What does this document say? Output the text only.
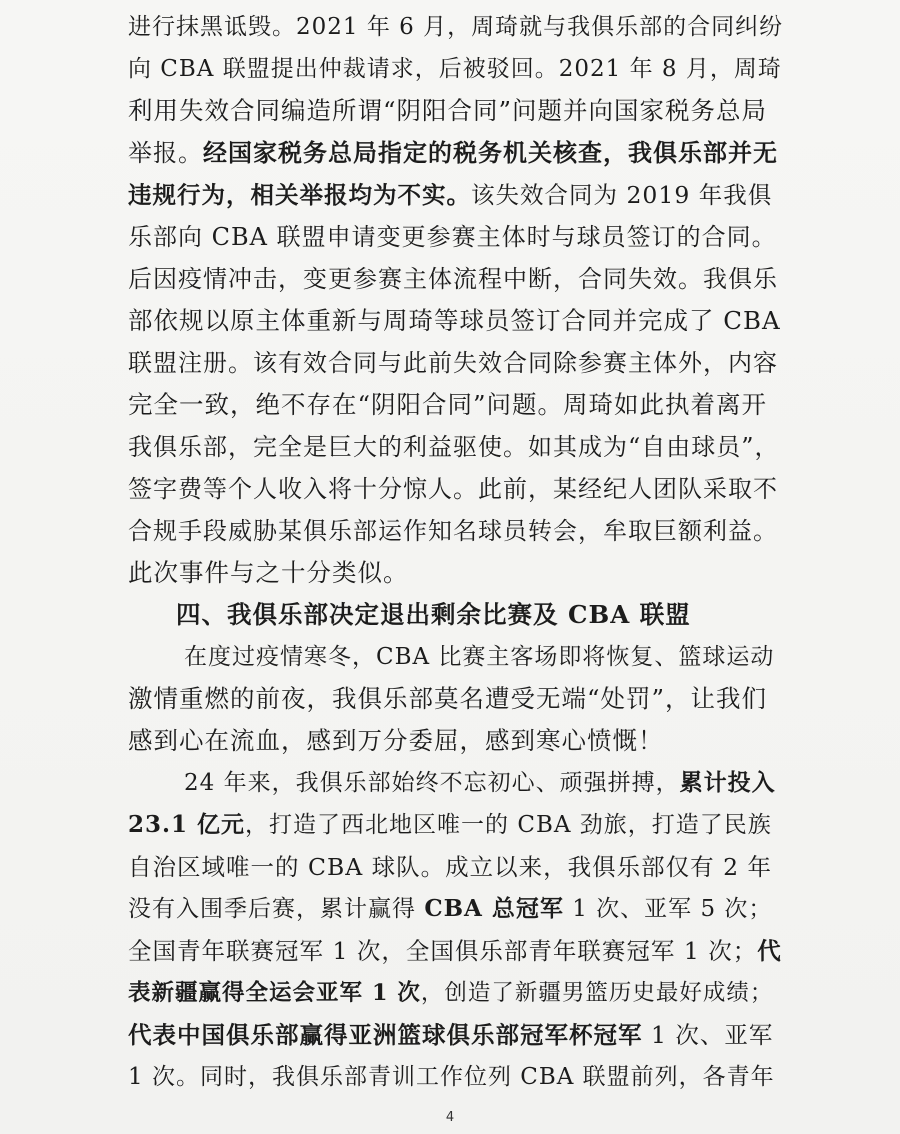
进行抹黑诋毁。2021 年 6 月，周琦就与我俱乐部的合同纠纷
向 CBA 联盟提出仲裁请求，后被驳回。2021 年 8 月，周琦
利用失效合同编造所谓“阴阳合同”问题并向国家税务总局
举报。经国家税务总局指定的税务机关核查，我俱乐部并无
违规行为，相关举报均为不实。该失效合同为 2019 年我俱
乐部向 CBA 联盟申请变更参赛主体时与球员签订的合同。
后因疫情冲击，变更参赛主体流程中断，合同失效。我俱乐
部依规以原主体重新与周琦等球员签订合同并完成了 CBA
联盟注册。该有效合同与此前失效合同除参赛主体外，内容
完全一致，绝不存在“阴阳合同”问题。周琦如此执着离开
我俱乐部，完全是巨大的利益驱使。如其成为“自由球员”，
签字费等个人收入将十分惊人。此前，某经纪人团队采取不
合规手段威胁某俱乐部运作知名球员转会，牟取巨额利益。
此次事件与之十分类似。
四、我俱乐部决定退出剩余比赛及 CBA 联盟
在度过疫情寒冬，CBA 比赛主客场即将恢复、篮球运动
激情重燃的前夜，我俱乐部莫名遭受无端“处罚”，让我们
感到心在流血，感到万分委屈，感到寒心愤慨！
24 年来，我俱乐部始终不忘初心、顽强拼搏，累计投入
23.1 亿元，打造了西北地区唯一的 CBA 劲旅，打造了民族
自治区域唯一的 CBA 球队。成立以来，我俱乐部仅有 2 年
没有入围季后赛，累计赢得 CBA 总冠军 1 次、亚军 5 次；
全国青年联赛冠军 1 次，全国俱乐部青年联赛冠军 1 次；代
表新疆赢得全运会亚军 1 次，创造了新疆男篮历史最好成绩；
代表中国俱乐部赢得亚洲篮球俱乐部冠军杯冠军 1 次、亚军
1 次。同时，我俱乐部青训工作位列 CBA 联盟前列，各青年
4
